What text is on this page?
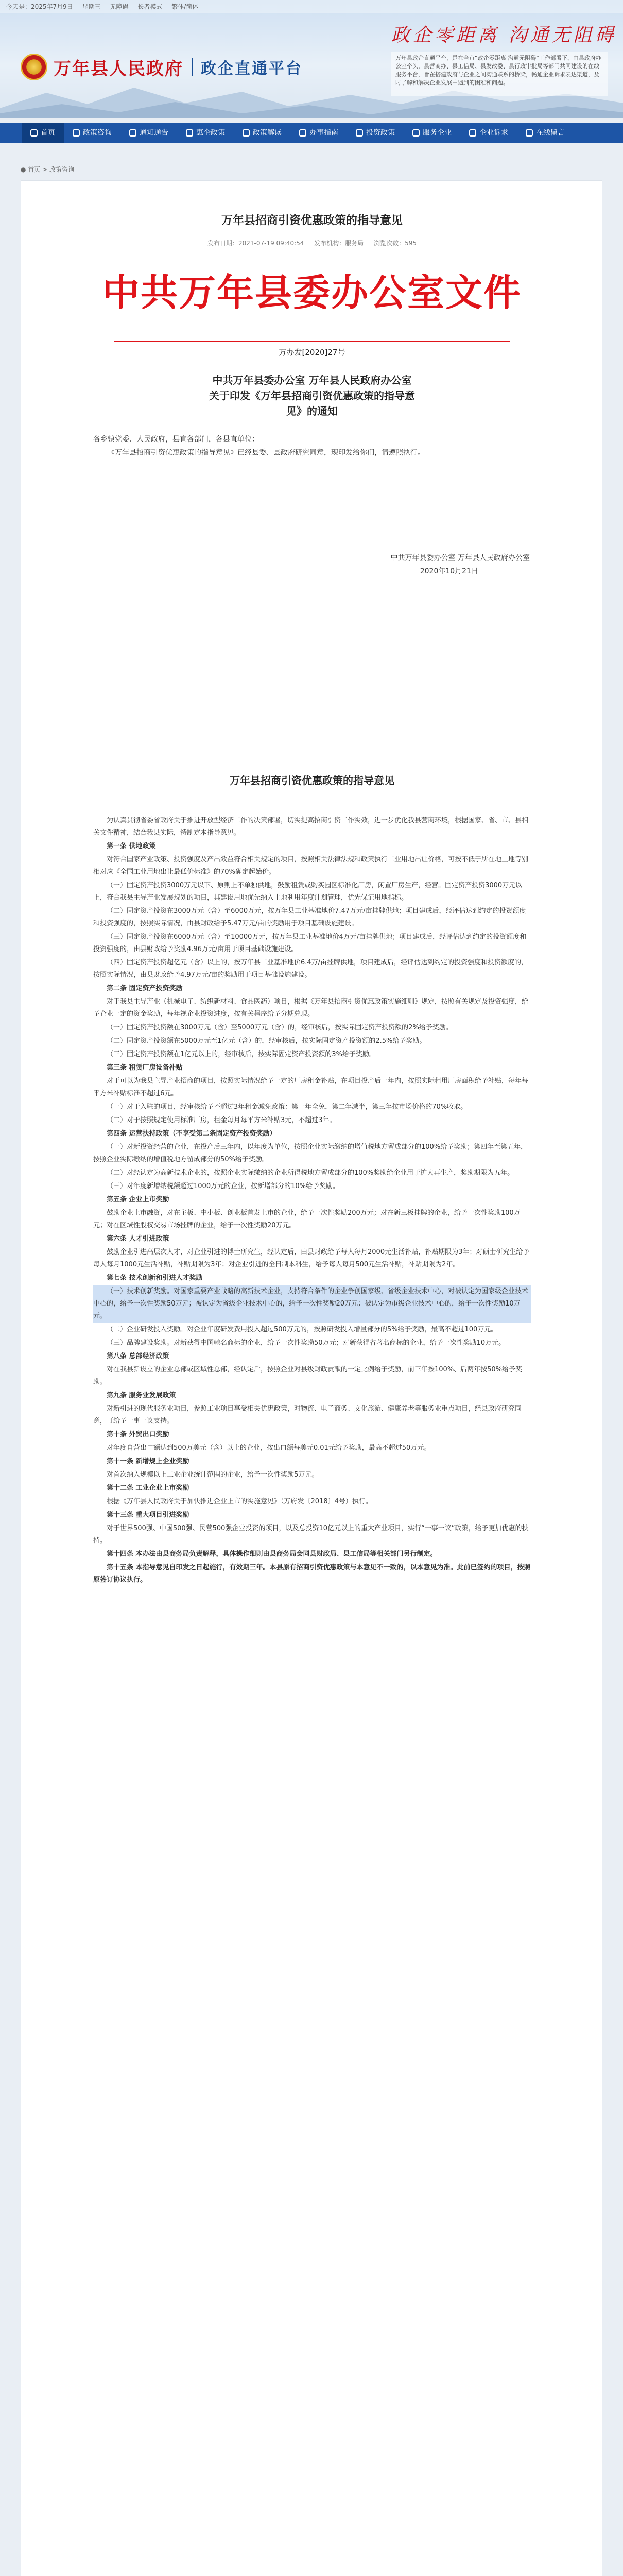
今天是：2025年7月9日 星期三 无障碍 长者模式 繁体/简体
万年县人民政府 政企直通平台
政企零距离 沟通无阻碍
万年县政企直通平台，是在全市“政企零距离·沟通无阻碍”工作部署下，由县政府办公室牵头，县营商办、县工信局、县发改委、县行政审批局等部门共同建设的在线服务平台，旨在搭建政府与企业之间沟通联系的桥梁，畅通企业诉求表达渠道，及时了解和解决企业发展中遇到的困难和问题。
首页	政策咨询	通知通告	惠企政策	政策解读	办事指南	投资政策	服务企业	企业诉求	在线留言
● 首页 > 政策咨询
万年县招商引资优惠政策的指导意见
发布日期：2021-07-19 09:40:54 发布机构：服务局 浏览次数：595
中共万年县委办公室文件
万办发[2020]27号
中共万年县委办公室 万年县人民政府办公室
关于印发《万年县招商引资优惠政策的指导意
见》的通知
各乡镇党委、人民政府，县直各部门，各县直单位：
《万年县招商引资优惠政策的指导意见》已经县委、县政府研究同意，现印发给你们，请遵照执行。
中共万年县委办公室 万年县人民政府办公室
2020年10月21日
万年县招商引资优惠政策的指导意见

为认真贯彻省委省政府关于推进开放型经济工作的决策部署，切实提高招商引资工作实效，进一步优化我县营商环境，根据国家、省、市、县相关文件精神，结合我县实际，特制定本指导意见。

第一条 供地政策

对符合国家产业政策、投资强度及产出效益符合相关规定的项目，按照相关法律法规和政策执行工业用地出让价格，可按不低于所在地土地等别相对应《全国工业用地出让最低价标准》的70%确定起始价。

（一）固定资产投资3000万元以下、原则上不单独供地，鼓励租赁或购买园区标准化厂房，闲置厂房生产，经营。固定资产投资3000万元以上，符合我县主导产业发展规划的项目，其建设用地优先纳入土地利用年度计划管理，优先保证用地指标。

（二）固定资产投资在3000万元（含）至6000万元，按万年县工业基准地价7.47万元/亩挂牌供地；项目建成后，经评估达到约定的投资额度和投资强度的，按照实际情况，由县财政给予5.47万元/亩的奖励用于项目基础设施建设。

（三）固定资产投资在6000万元（含）至10000万元，按万年县工业基准地价4万元/亩挂牌供地；项目建成后，经评估达到约定的投资额度和投资强度的，由县财政给予奖励4.96万元/亩用于项目基础设施建设。

（四）固定资产投资超亿元（含）以上的，按万年县工业基准地价6.4万/亩挂牌供地，项目建成后，经评估达到约定的投资强度和投资额度的，按照实际情况，由县财政给予4.97万元/亩的奖励用于项目基础设施建设。

第二条 固定资产投资奖励

对于我县主导产业（机械电子、纺织新材料、食品医药）项目，根据《万年县招商引资优惠政策实施细则》规定，按照有关规定及投资强度，给予企业一定的资金奖励，每年视企业投资进度，按有关程序给予分期兑现。

（一）固定资产投资额在3000万元（含）至5000万元（含）的，经审核后，按实际固定资产投资额的2%给予奖励。

（二）固定资产投资额在5000万元至1亿元（含）的，经审核后，按实际固定资产投资额的2.5%给予奖励。

（三）固定资产投资额在1亿元以上的，经审核后，按实际固定资产投资额的3%给予奖励。

第三条 租赁厂房设备补贴

对于可以为我县主导产业招商的项目，按照实际情况给予一定的厂房租金补贴，在项目投产后一年内，按照实际租用厂房面积给予补贴，每年每平方米补贴标准不超过6元。

（一）对于入驻的项目，经审核给予不超过3年租金减免政策：第一年全免，第二年减半，第三年按市场价格的70%收取。

（二）对于按照规定使用标准厂房，租金每月每平方米补贴3元，不超过3年。

第四条 运营扶持政策（不享受第二条固定资产投资奖励）

（一）对新投资经营的企业，在投产后三年内，以年度为单位，按照企业实际缴纳的增值税地方留成部分的100%给予奖励；第四年至第五年，按照企业实际缴纳的增值税地方留成部分的50%给予奖励。

（二）对经认定为高新技术企业的，按照企业实际缴纳的企业所得税地方留成部分的100%奖励给企业用于扩大再生产，奖励期限为五年。

（三）对年度新增纳税额超过1000万元的企业，按新增部分的10%给予奖励。

第五条 企业上市奖励

鼓励企业上市融资，对在主板、中小板、创业板首发上市的企业，给予一次性奖励200万元；对在新三板挂牌的企业，给予一次性奖励100万元；对在区域性股权交易市场挂牌的企业，给予一次性奖励20万元。

第六条 人才引进政策

鼓励企业引进高层次人才，对企业引进的博士研究生，经认定后，由县财政给予每人每月2000元生活补贴，补贴期限为3年；对硕士研究生给予每人每月1000元生活补贴，补贴期限为3年；对企业引进的全日制本科生，给予每人每月500元生活补贴，补贴期限为2年。

第七条 技术创新和引进人才奖励

（一）技术创新奖励。对国家重要产业战略的高新技术企业，支持符合条件的企业争创国家级、省级企业技术中心，对被认定为国家级企业技术中心的，给予一次性奖励50万元；被认定为省级企业技术中心的，给予一次性奖励20万元；被认定为市级企业技术中心的，给予一次性奖励10万元。

（二）企业研发投入奖励。对企业年度研发费用投入超过500万元的，按照研发投入增量部分的5%给予奖励，最高不超过100万元。

（三）品牌建设奖励。对新获得中国驰名商标的企业，给予一次性奖励50万元；对新获得省著名商标的企业，给予一次性奖励10万元。

第八条 总部经济政策

对在我县新设立的企业总部或区域性总部，经认定后，按照企业对县级财政贡献的一定比例给予奖励，前三年按100%、后两年按50%给予奖励。

第九条 服务业发展政策

对新引进的现代服务业项目，参照工业项目享受相关优惠政策，对物流、电子商务、文化旅游、健康养老等服务业重点项目，经县政府研究同意，可给予一事一议支持。

第十条 外贸出口奖励

对年度自营出口额达到500万美元（含）以上的企业，按出口额每美元0.01元给予奖励，最高不超过50万元。

第十一条 新增规上企业奖励

对首次纳入规模以上工业企业统计范围的企业，给予一次性奖励5万元。

第十二条 工业企业上市奖励

根据《万年县人民政府关于加快推进企业上市的实施意见》（万府发〔2018〕4号）执行。

第十三条 重大项目引进奖励

对于世界500强、中国500强、民营500强企业投资的项目，以及总投资10亿元以上的重大产业项目，实行“一事一议”政策，给予更加优惠的扶持。

第十四条 本办法由县商务局负责解释，具体操作细则由县商务局会同县财政局、县工信局等相关部门另行制定。

第十五条 本指导意见自印发之日起施行，有效期三年。本县原有招商引资优惠政策与本意见不一致的，以本意见为准。此前已签约的项目，按照原签订协议执行。
